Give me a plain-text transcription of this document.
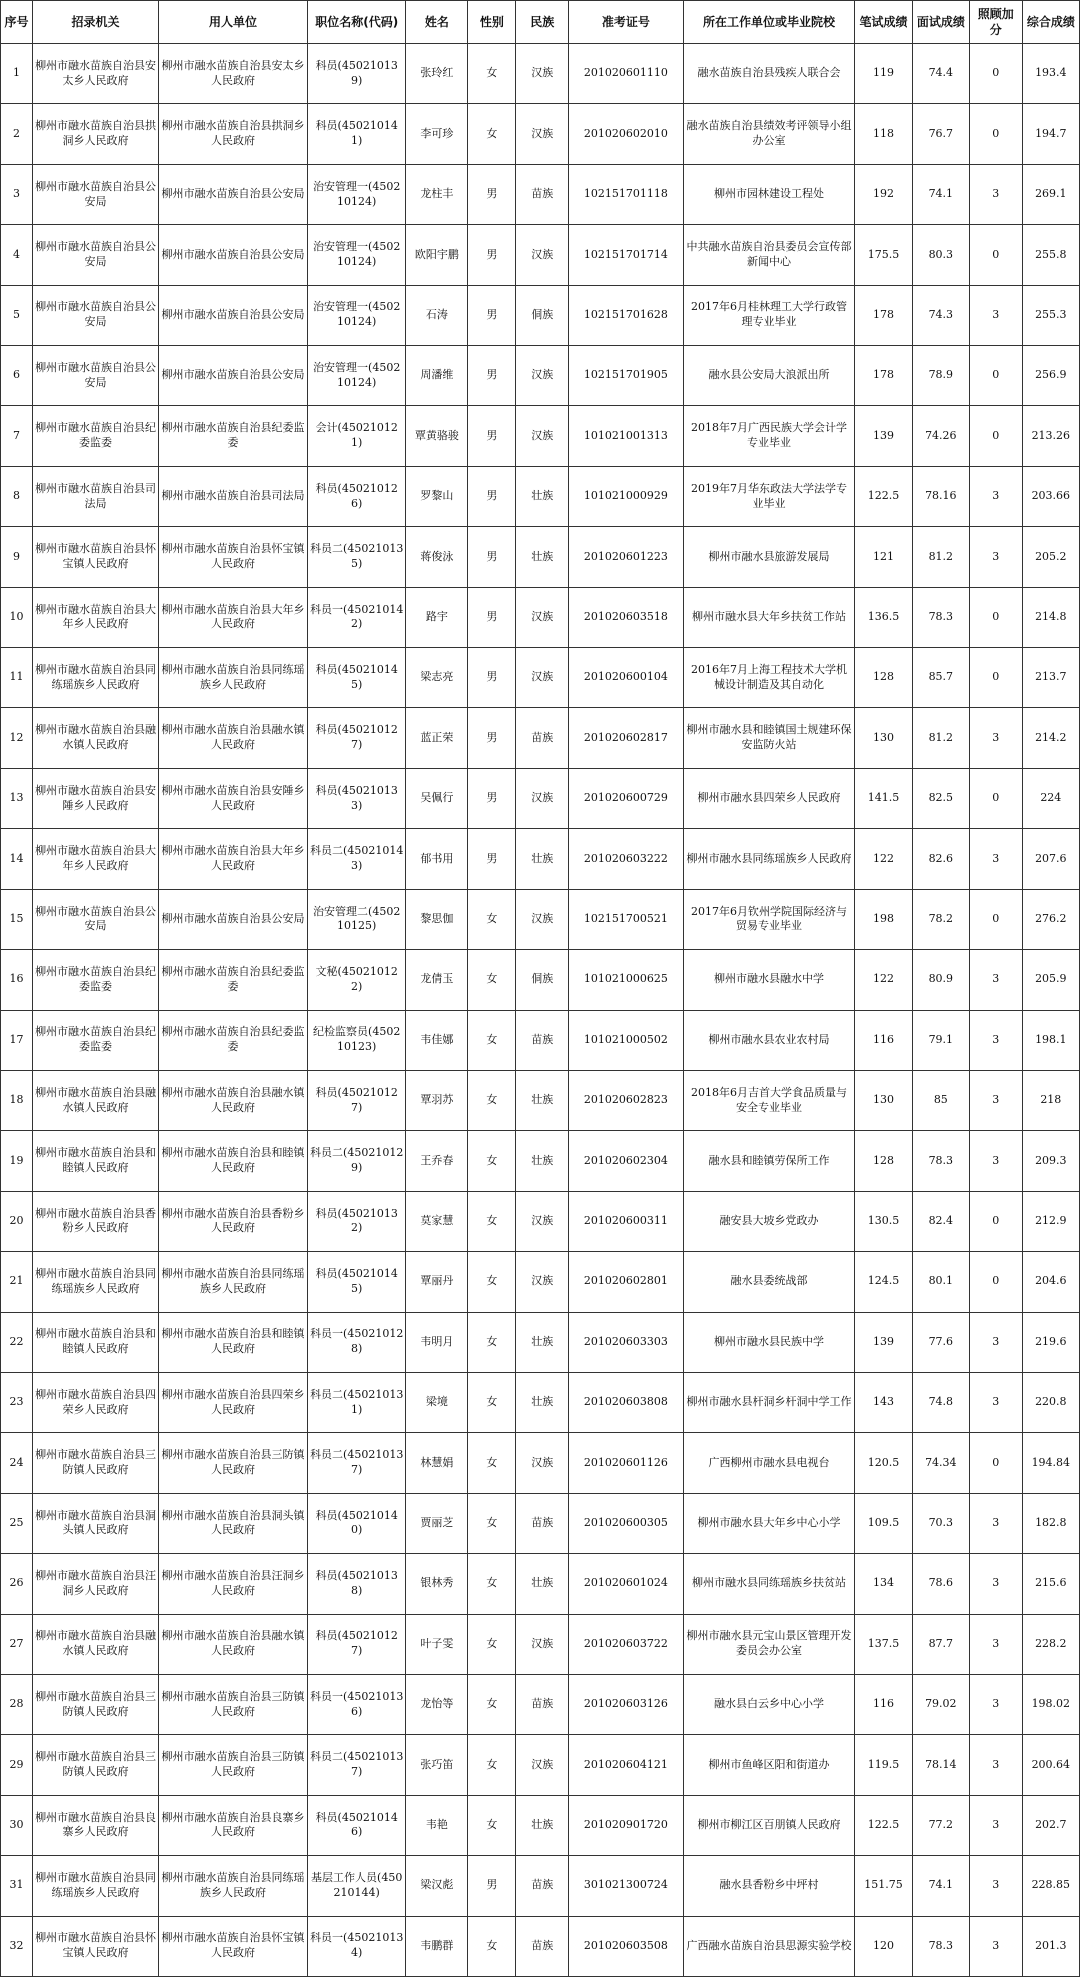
序号	招录机关	用人单位	职位名称(代码)	姓名	性别	民族	准考证号	所在工作单位或毕业院校	笔试成绩	面试成绩	照顾加分	综合成绩
1	柳州市融水苗族自治县安太乡人民政府	柳州市融水苗族自治县安太乡人民政府	科员(450210139)	张玲红	女	汉族	201020601110	融水苗族自治县残疾人联合会	119	74.4	0	193.4
2	柳州市融水苗族自治县拱洞乡人民政府	柳州市融水苗族自治县拱洞乡人民政府	科员(450210141)	李可珍	女	汉族	201020602010	融水苗族自治县绩效考评领导小组办公室	118	76.7	0	194.7
3	柳州市融水苗族自治县公安局	柳州市融水苗族自治县公安局	治安管理一(450210124)	龙柱丰	男	苗族	102151701118	柳州市园林建设工程处	192	74.1	3	269.1
4	柳州市融水苗族自治县公安局	柳州市融水苗族自治县公安局	治安管理一(450210124)	欧阳宇鹏	男	汉族	102151701714	中共融水苗族自治县委员会宣传部新闻中心	175.5	80.3	0	255.8
5	柳州市融水苗族自治县公安局	柳州市融水苗族自治县公安局	治安管理一(450210124)	石涛	男	侗族	102151701628	2017年6月桂林理工大学行政管理专业毕业	178	74.3	3	255.3
6	柳州市融水苗族自治县公安局	柳州市融水苗族自治县公安局	治安管理一(450210124)	周潘维	男	汉族	102151701905	融水县公安局大浪派出所	178	78.9	0	256.9
7	柳州市融水苗族自治县纪委监委	柳州市融水苗族自治县纪委监委	会计(450210121)	覃黄骆骏	男	汉族	101021001313	2018年7月广西民族大学会计学专业毕业	139	74.26	0	213.26
8	柳州市融水苗族自治县司法局	柳州市融水苗族自治县司法局	科员(450210126)	罗黎山	男	壮族	101021000929	2019年7月华东政法大学法学专业毕业	122.5	78.16	3	203.66
9	柳州市融水苗族自治县怀宝镇人民政府	柳州市融水苗族自治县怀宝镇人民政府	科员二(450210135)	蒋俊泳	男	壮族	201020601223	柳州市融水县旅游发展局	121	81.2	3	205.2
10	柳州市融水苗族自治县大年乡人民政府	柳州市融水苗族自治县大年乡人民政府	科员一(450210142)	路宇	男	汉族	201020603518	柳州市融水县大年乡扶贫工作站	136.5	78.3	0	214.8
11	柳州市融水苗族自治县同练瑶族乡人民政府	柳州市融水苗族自治县同练瑶族乡人民政府	科员(450210145)	梁志亮	男	汉族	201020600104	2016年7月上海工程技术大学机械设计制造及其自动化	128	85.7	0	213.7
12	柳州市融水苗族自治县融水镇人民政府	柳州市融水苗族自治县融水镇人民政府	科员(450210127)	蓝正荣	男	苗族	201020602817	柳州市融水县和睦镇国土规建环保安监防火站	130	81.2	3	214.2
13	柳州市融水苗族自治县安陲乡人民政府	柳州市融水苗族自治县安陲乡人民政府	科员(450210133)	吴佩行	男	汉族	201020600729	柳州市融水县四荣乡人民政府	141.5	82.5	0	224
14	柳州市融水苗族自治县大年乡人民政府	柳州市融水苗族自治县大年乡人民政府	科员二(450210143)	郁书用	男	壮族	201020603222	柳州市融水县同练瑶族乡人民政府	122	82.6	3	207.6
15	柳州市融水苗族自治县公安局	柳州市融水苗族自治县公安局	治安管理二(450210125)	黎思伽	女	汉族	102151700521	2017年6月钦州学院国际经济与贸易专业毕业	198	78.2	0	276.2
16	柳州市融水苗族自治县纪委监委	柳州市融水苗族自治县纪委监委	文秘(450210122)	龙倩玉	女	侗族	101021000625	柳州市融水县融水中学	122	80.9	3	205.9
17	柳州市融水苗族自治县纪委监委	柳州市融水苗族自治县纪委监委	纪检监察员(450210123)	韦佳娜	女	苗族	101021000502	柳州市融水县农业农村局	116	79.1	3	198.1
18	柳州市融水苗族自治县融水镇人民政府	柳州市融水苗族自治县融水镇人民政府	科员(450210127)	覃羽苏	女	壮族	201020602823	2018年6月吉首大学食品质量与安全专业毕业	130	85	3	218
19	柳州市融水苗族自治县和睦镇人民政府	柳州市融水苗族自治县和睦镇人民政府	科员二(450210129)	王乔春	女	壮族	201020602304	融水县和睦镇劳保所工作	128	78.3	3	209.3
20	柳州市融水苗族自治县香粉乡人民政府	柳州市融水苗族自治县香粉乡人民政府	科员(450210132)	莫家慧	女	汉族	201020600311	融安县大坡乡党政办	130.5	82.4	0	212.9
21	柳州市融水苗族自治县同练瑶族乡人民政府	柳州市融水苗族自治县同练瑶族乡人民政府	科员(450210145)	覃丽丹	女	汉族	201020602801	融水县委统战部	124.5	80.1	0	204.6
22	柳州市融水苗族自治县和睦镇人民政府	柳州市融水苗族自治县和睦镇人民政府	科员一(450210128)	韦明月	女	壮族	201020603303	柳州市融水县民族中学	139	77.6	3	219.6
23	柳州市融水苗族自治县四荣乡人民政府	柳州市融水苗族自治县四荣乡人民政府	科员二(450210131)	梁境	女	壮族	201020603808	柳州市融水县杆洞乡杆洞中学工作	143	74.8	3	220.8
24	柳州市融水苗族自治县三防镇人民政府	柳州市融水苗族自治县三防镇人民政府	科员二(450210137)	林慧娟	女	汉族	201020601126	广西柳州市融水县电视台	120.5	74.34	0	194.84
25	柳州市融水苗族自治县洞头镇人民政府	柳州市融水苗族自治县洞头镇人民政府	科员(450210140)	贾丽芝	女	苗族	201020600305	柳州市融水县大年乡中心小学	109.5	70.3	3	182.8
26	柳州市融水苗族自治县汪洞乡人民政府	柳州市融水苗族自治县汪洞乡人民政府	科员(450210138)	银林秀	女	壮族	201020601024	柳州市融水县同练瑶族乡扶贫站	134	78.6	3	215.6
27	柳州市融水苗族自治县融水镇人民政府	柳州市融水苗族自治县融水镇人民政府	科员(450210127)	叶子雯	女	汉族	201020603722	柳州市融水县元宝山景区管理开发委员会办公室	137.5	87.7	3	228.2
28	柳州市融水苗族自治县三防镇人民政府	柳州市融水苗族自治县三防镇人民政府	科员一(450210136)	龙怡等	女	苗族	201020603126	融水县白云乡中心小学	116	79.02	3	198.02
29	柳州市融水苗族自治县三防镇人民政府	柳州市融水苗族自治县三防镇人民政府	科员二(450210137)	张巧笛	女	汉族	201020604121	柳州市鱼峰区阳和街道办	119.5	78.14	3	200.64
30	柳州市融水苗族自治县良寨乡人民政府	柳州市融水苗族自治县良寨乡人民政府	科员(450210146)	韦艳	女	壮族	201020901720	柳州市柳江区百朋镇人民政府	122.5	77.2	3	202.7
31	柳州市融水苗族自治县同练瑶族乡人民政府	柳州市融水苗族自治县同练瑶族乡人民政府	基层工作人员(450210144)	梁汉彪	男	苗族	301021300724	融水县香粉乡中坪村	151.75	74.1	3	228.85
32	柳州市融水苗族自治县怀宝镇人民政府	柳州市融水苗族自治县怀宝镇人民政府	科员一(450210134)	韦鹏群	女	苗族	201020603508	广西融水苗族自治县思源实验学校	120	78.3	3	201.3
